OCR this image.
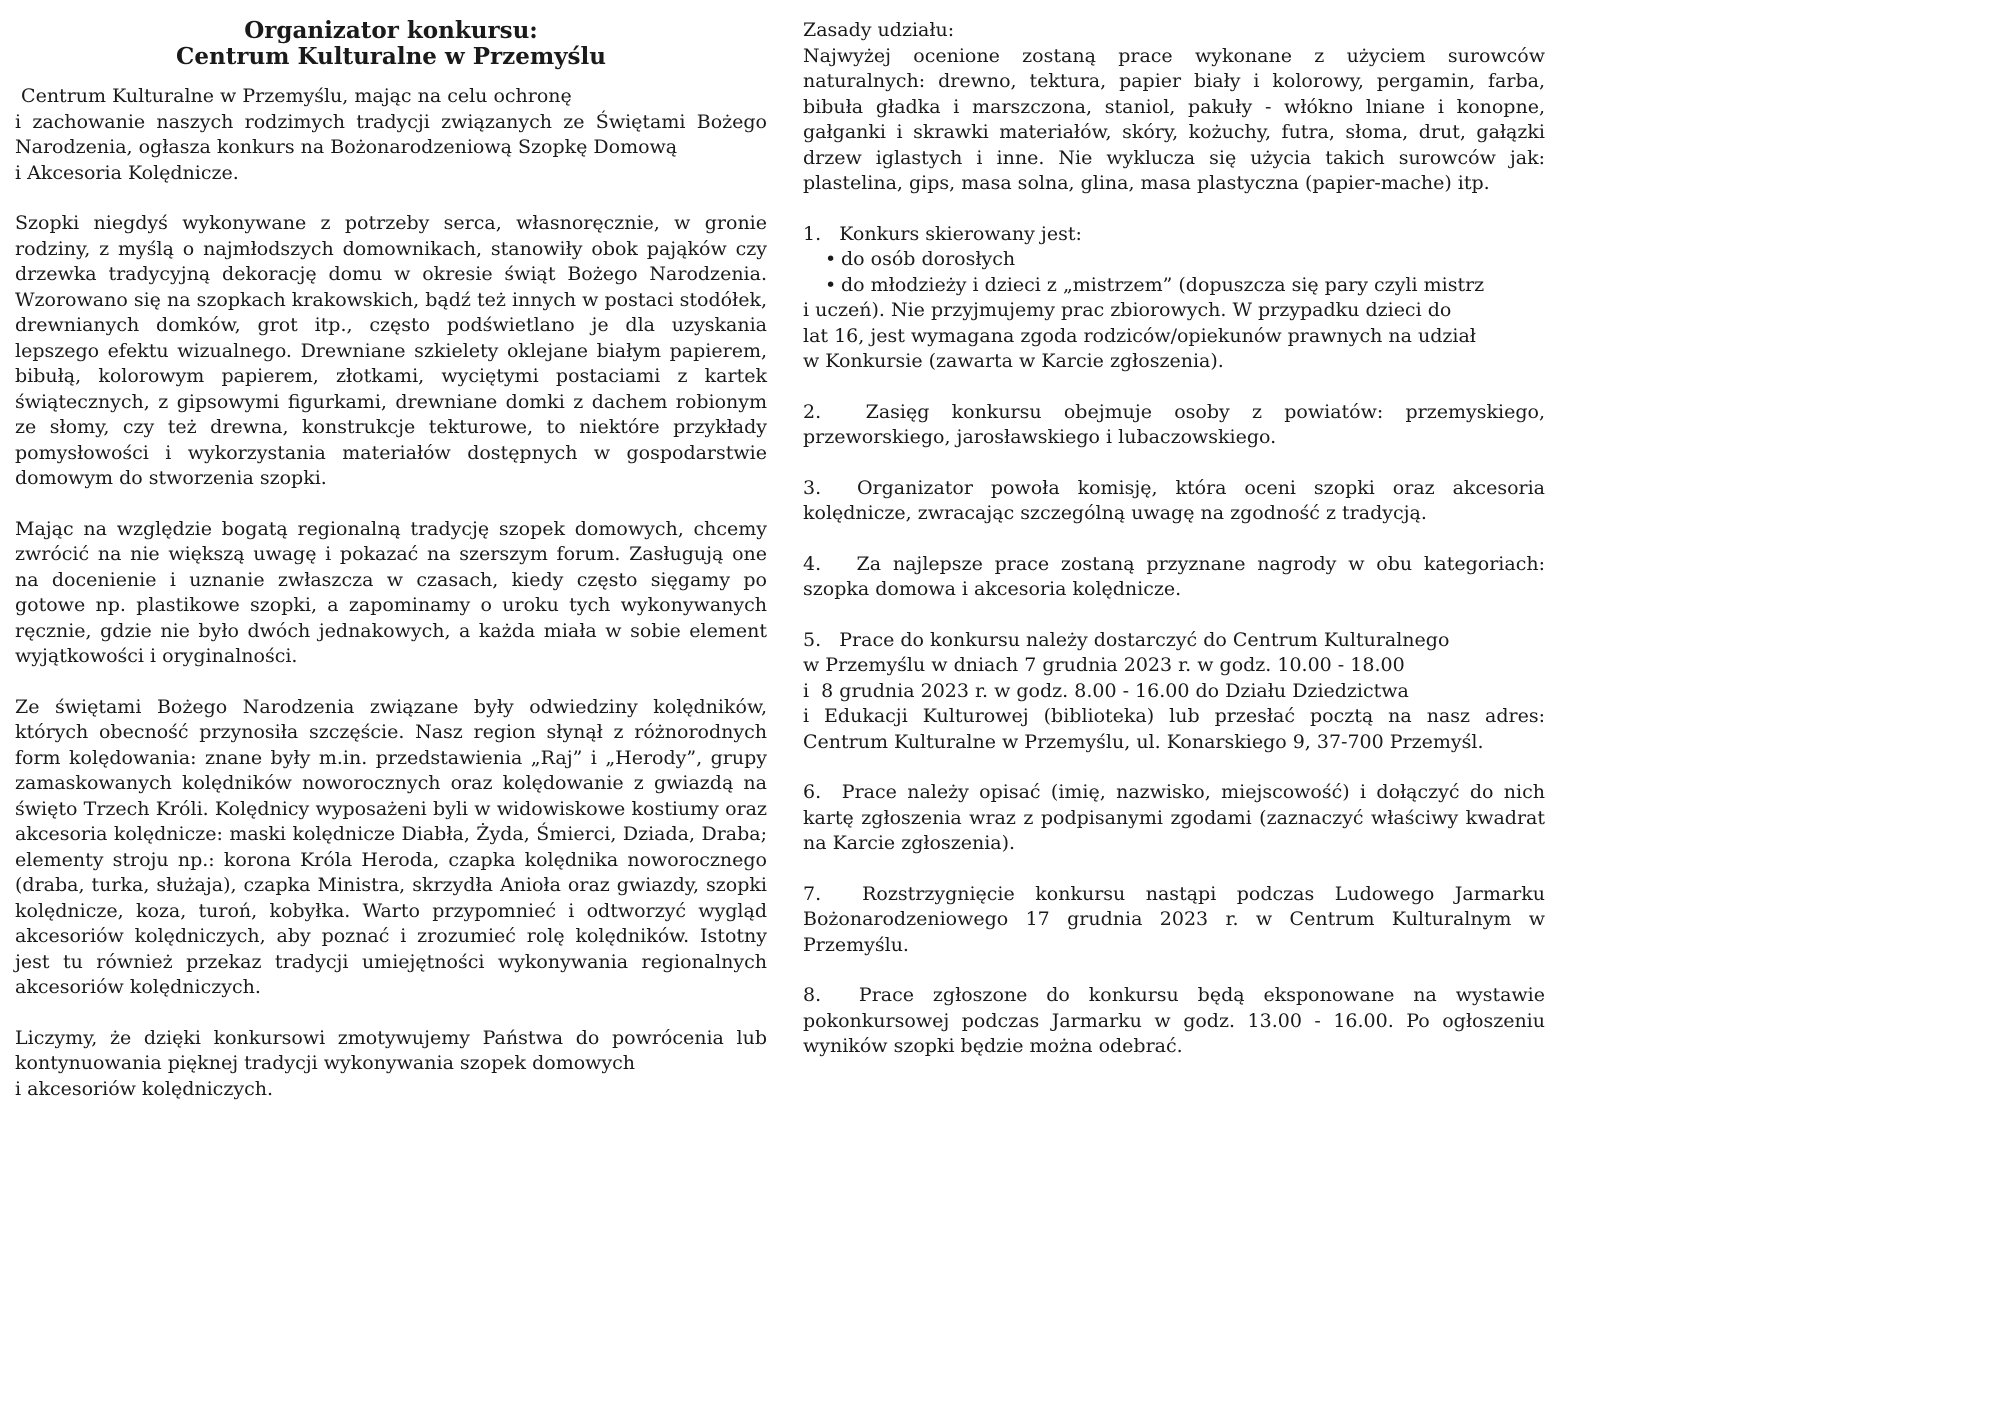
Organizator konkursu:
Centrum Kulturalne w Przemyślu

Centrum Kulturalne w Przemyślu, mając na celu ochronę
i zachowanie naszych rodzimych tradycji związanych ze Świętami Bożego
Narodzenia, ogłasza konkurs na Bożonarodzeniową Szopkę Domową
i Akcesoria Kolędnicze.

Szopki niegdyś wykonywane z potrzeby serca, własnoręcznie, w gronie rodziny, z myślą o najmłodszych domownikach, stanowiły obok pająków czy drzewka tradycyjną dekorację domu w okresie świąt Bożego Narodzenia. Wzorowano się na szopkach krakowskich, bądź też innych w postaci stodółek, drewnianych domków, grot itp., często podświetlano je dla uzyskania lepszego efektu wizualnego. Drewniane szkielety oklejane białym papierem, bibułą, kolorowym papierem, złotkami, wyciętymi postaciami z kartek świątecznych, z gipsowymi figurkami, drewniane domki z dachem robionym ze słomy, czy też drewna, konstrukcje tekturowe, to niektóre przykłady pomysłowości i wykorzystania materiałów dostępnych w gospodarstwie domowym do stworzenia szopki.

Mając na względzie bogatą regionalną tradycję szopek domowych, chcemy zwrócić na nie większą uwagę i pokazać na szerszym forum. Zasługują one na docenienie i uznanie zwłaszcza w czasach, kiedy często sięgamy po gotowe np. plastikowe szopki, a zapominamy o uroku tych wykonywanych ręcznie, gdzie nie było dwóch jednakowych, a każda miała w sobie element wyjątkowości i oryginalności.

Ze świętami Bożego Narodzenia związane były odwiedziny kolędników, których obecność przynosiła szczęście. Nasz region słynął z różnorodnych form kolędowania: znane były m.in. przedstawienia „Raj” i „Herody”, grupy zamaskowanych kolędników noworocznych oraz kolędowanie z gwiazdą na święto Trzech Króli. Kolędnicy wyposażeni byli w widowiskowe kostiumy oraz akcesoria kolędnicze: maski kolędnicze Diabła, Żyda, Śmierci, Dziada, Draba; elementy stroju np.: korona Króla Heroda, czapka kolędnika noworocznego (draba, turka, służaja), czapka Ministra, skrzydła Anioła oraz gwiazdy, szopki kolędnicze, koza, turoń, kobyłka. Warto przypomnieć i odtworzyć wygląd akcesoriów kolędniczych, aby poznać i zrozumieć rolę kolędników. Istotny jest tu również przekaz tradycji umiejętności wykonywania regionalnych akcesoriów kolędniczych.

Liczymy, że dzięki konkursowi zmotywujemy Państwa do powrócenia lub
kontynuowania pięknej tradycji wykonywania szopek domowych
i akcesoriów kolędniczych.

Zasady udziału:
Najwyżej ocenione zostaną prace wykonane z użyciem surowców naturalnych: drewno, tektura, papier biały i kolorowy, pergamin, farba, bibuła gładka i marszczona, staniol, pakuły - włókno lniane i konopne, gałganki i skrawki materiałów, skóry, kożuchy, futra, słoma, drut, gałązki drzew iglastych i inne. Nie wyklucza się użycia takich surowców jak: plastelina, gips, masa solna, glina, masa plastyczna (papier-mache) itp.

1.   Konkurs skierowany jest:
• do osób dorosłych
• do młodzieży i dzieci z „mistrzem” (dopuszcza się pary czyli mistrz
i uczeń). Nie przyjmujemy prac zbiorowych. W przypadku dzieci do
lat 16, jest wymagana zgoda rodziców/opiekunów prawnych na udział
w Konkursie (zawarta w Karcie zgłoszenia).

2.  Zasięg konkursu obejmuje osoby z powiatów: przemyskiego, przeworskiego, jarosławskiego i lubaczowskiego.

3.  Organizator powoła komisję, która oceni szopki oraz akcesoria kolędnicze, zwracając szczególną uwagę na zgodność z tradycją.

4.   Za najlepsze prace zostaną przyznane nagrody w obu kategoriach: szopka domowa i akcesoria kolędnicze.

5.   Prace do konkursu należy dostarczyć do Centrum Kulturalnego
w Przemyślu w dniach 7 grudnia 2023 r. w godz. 10.00 - 18.00
i  8 grudnia 2023 r. w godz. 8.00 - 16.00 do Działu Dziedzictwa
i Edukacji Kulturowej (biblioteka) lub przesłać pocztą na nasz adres: Centrum Kulturalne w Przemyślu, ul. Konarskiego 9, 37-700 Przemyśl.

6.  Prace należy opisać (imię, nazwisko, miejscowość) i dołączyć do nich kartę zgłoszenia wraz z podpisanymi zgodami (zaznaczyć właściwy kwadrat na Karcie zgłoszenia).

7.  Rozstrzygnięcie konkursu nastąpi podczas Ludowego Jarmarku Bożonarodzeniowego 17 grudnia 2023 r. w Centrum Kulturalnym w Przemyślu.

8.  Prace zgłoszone do konkursu będą eksponowane na wystawie pokonkursowej podczas Jarmarku w godz. 13.00 - 16.00. Po ogłoszeniu wyników szopki będzie można odebrać.
